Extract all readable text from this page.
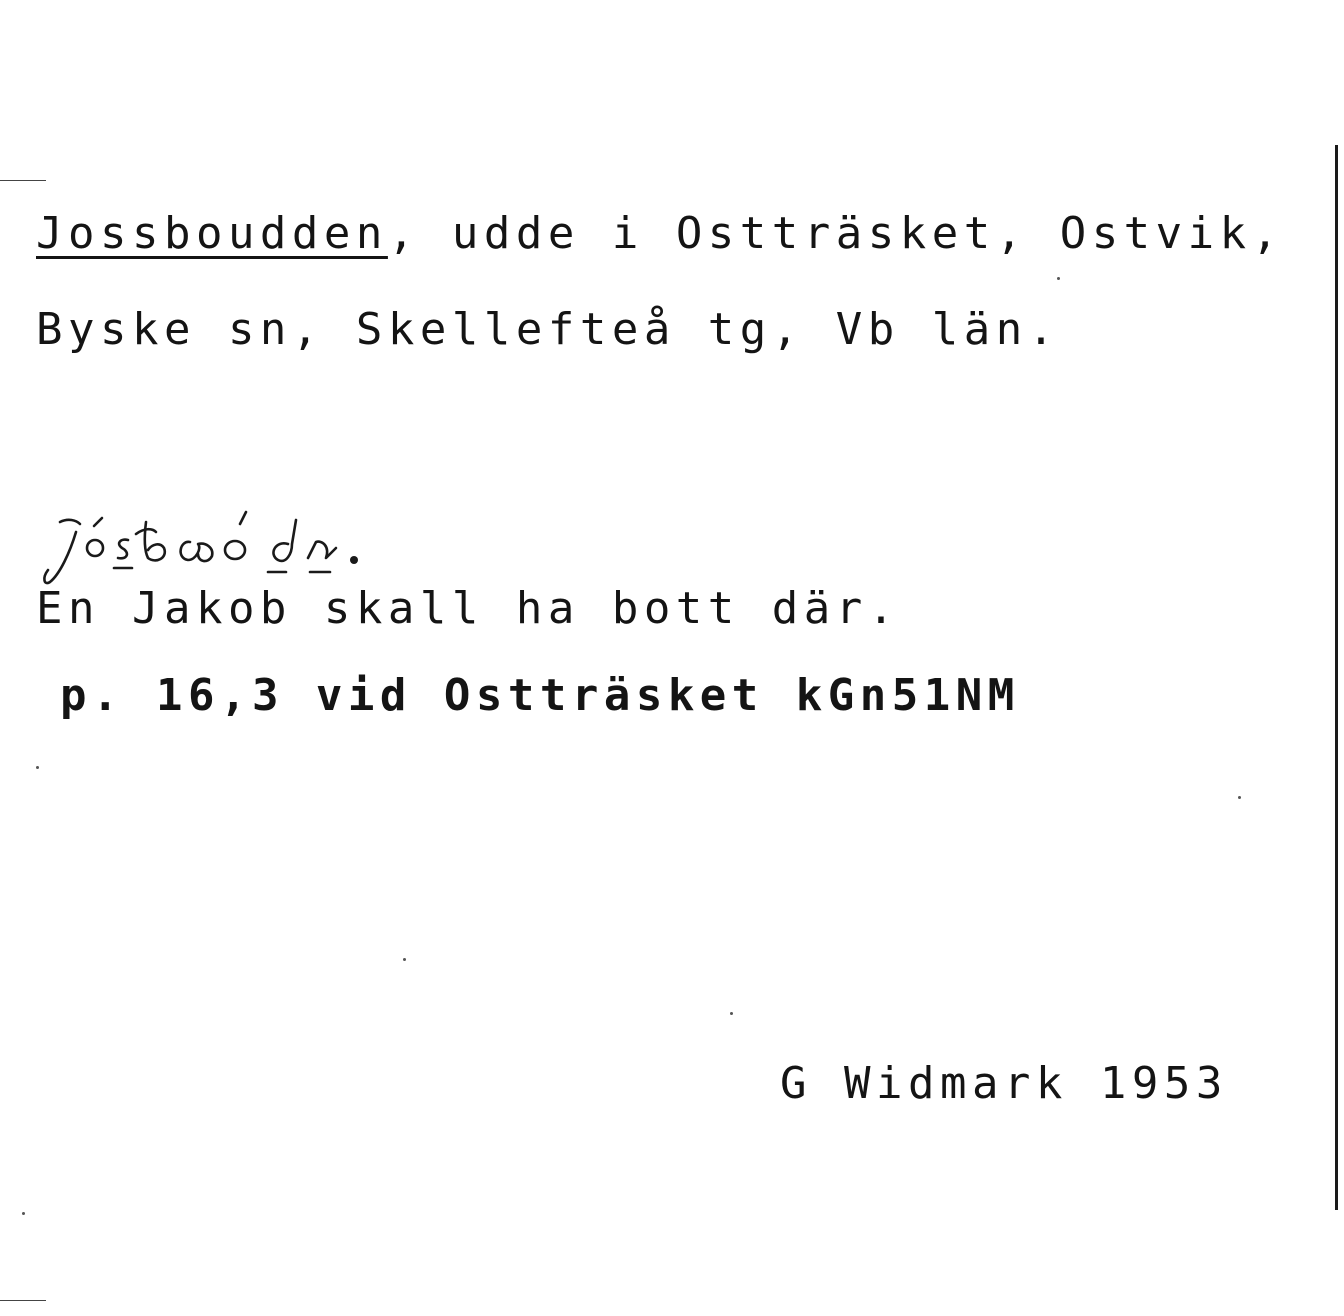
Jossbouddеn, udde i Ostträsket, Ostvik,
Byske sn, Skellefteå tg, Vb län.
jósboódn
En Jakob skall ha bott där.
p. 16,3 vid Ostträsket kGn51NM
G Widmark 1953
